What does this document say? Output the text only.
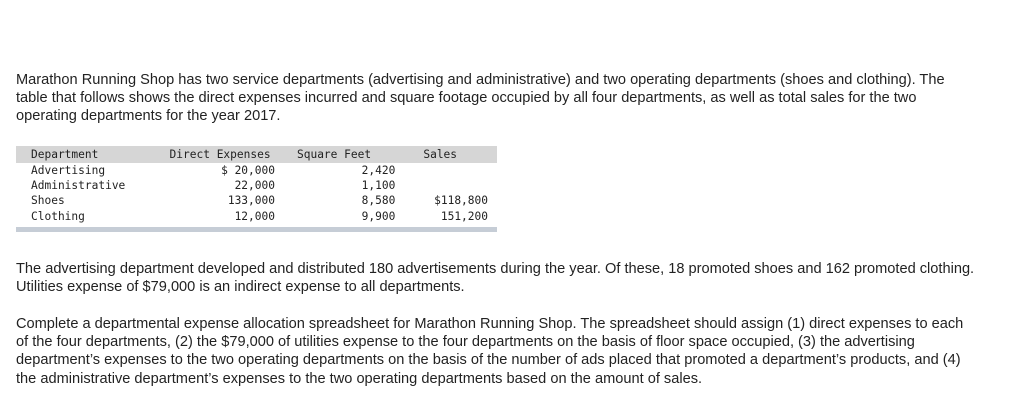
Marathon Running Shop has two service departments (advertising and administrative) and two operating departments (shoes and clothing). The table that follows shows the direct expenses incurred and square footage occupied by all four departments, as well as total sales for the two operating departments for the year 2017.

Department	Direct Expenses	Square Feet	Sales
Advertising	$ 20,000	2,420	
Administrative	22,000	1,100	
Shoes	133,000	8,580	$118,800
Clothing	12,000	9,900	151,200

The advertising department developed and distributed 180 advertisements during the year. Of these, 18 promoted shoes and 162 promoted clothing. Utilities expense of $79,000 is an indirect expense to all departments.

Complete a departmental expense allocation spreadsheet for Marathon Running Shop. The spreadsheet should assign (1) direct expenses to each of the four departments, (2) the $79,000 of utilities expense to the four departments on the basis of floor space occupied, (3) the advertising department’s expenses to the two operating departments on the basis of the number of ads placed that promoted a department’s products, and (4) the administrative department’s expenses to the two operating departments based on the amount of sales.
